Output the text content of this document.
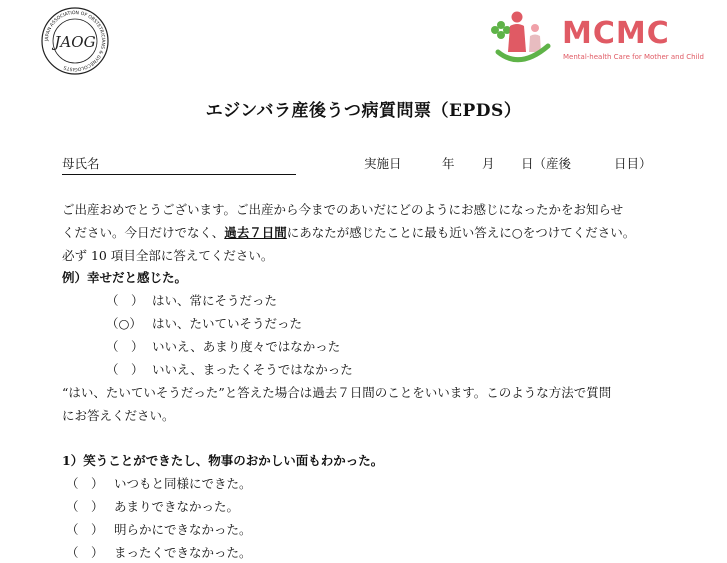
JAPAN ASSOCIATION OF OBSTETRICIANS & GYNECOLOGISTS
JAOG	MCMC
Mental-health Care for Mother and Child
エジンバラ産後うつ病質問票（EPDS）
母氏名	実施日	年 月 日（産後	日目）
ご出産おめでとうございます。ご出産から今までのあいだにどのようにお感じになったかをお知らせ
ください。今日だけでなく、過去７日間にあなたが感じたことに最も近い答えに○をつけてください。
必ず 10 項目全部に答えてください。
例）幸せだと感じた。
（　） はい、常にそうだった
（○） はい、たいていそうだった
（　） いいえ、あまり度々ではなかった
（　） いいえ、まったくそうではなかった
“はい、たいていそうだった”と答えた場合は過去７日間のことをいいます。このような方法で質問
にお答えください。
1）笑うことができたし、物事のおかしい面もわかった。
（　） いつもと同様にできた。
（　） あまりできなかった。
（　） 明らかにできなかった。
（　） まったくできなかった。
